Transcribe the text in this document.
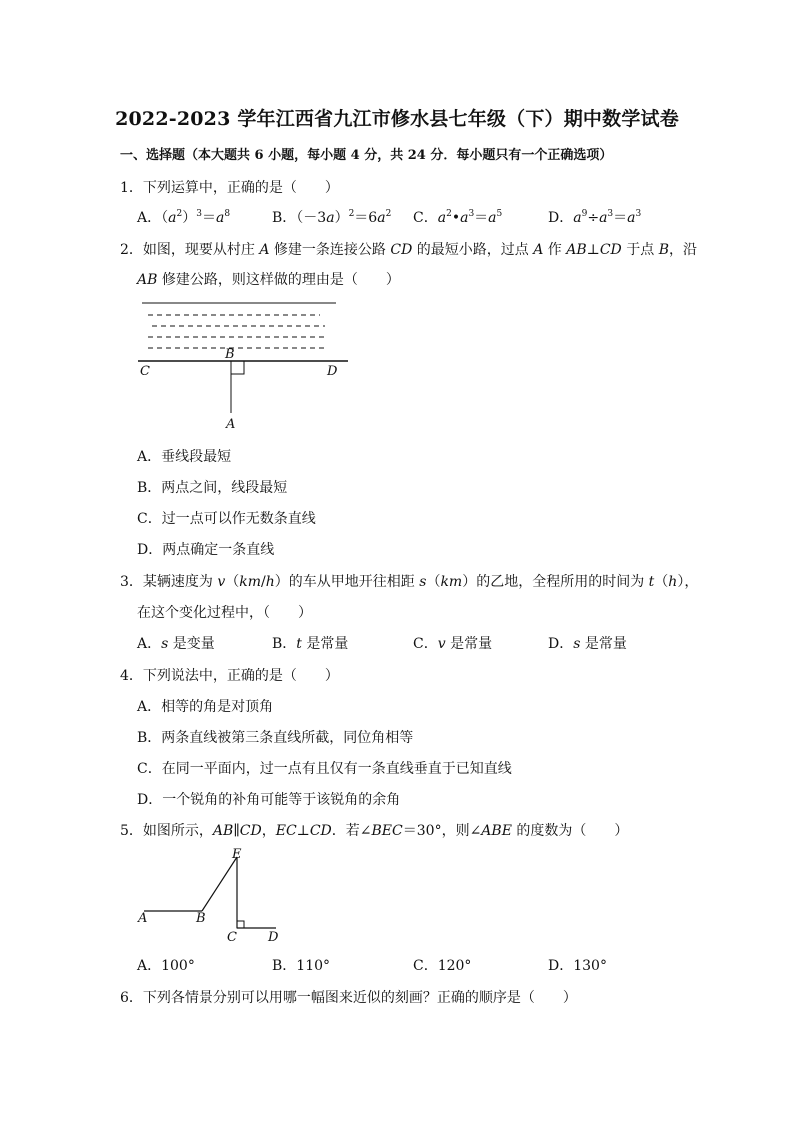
2022-2023 学年江西省九江市修水县七年级（下）期中数学试卷
一、选择题（本大题共 6 小题，每小题 4 分，共 24 分．每小题只有一个正确选项）
1．下列运算中，正确的是（　　）
A．$(a^2)^3=a^8$	B．$(-3a)^2=6a^2$ C．$a^2•a^3=a^5$	D．$a^9\div a^3=a^3$
2．如图，现要从村庄 A 修建一条连接公路 CD 的最短小路，过点 A 作 AB⊥CD 于点 B，沿
AB 修建公路，则这样做的理由是（　　）
B
C	D
A
A．垂线段最短
B．两点之间，线段最短
C．过一点可以作无数条直线
D．两点确定一条直线
3．某辆速度为 v（km/h）的车从甲地开往相距 s（km）的乙地，全程所用的时间为 t（h），
在这个变化过程中，（　　）
A．s 是变量	B．t 是常量	C．v 是常量	D．s 是常量
4．下列说法中，正确的是（　　）
A．相等的角是对顶角
B．两条直线被第三条直线所截，同位角相等
C．在同一平面内，过一点有且仅有一条直线垂直于已知直线
D．一个锐角的补角可能等于该锐角的余角
5．如图所示，AB∥CD，EC⊥CD．若∠BEC＝30°，则∠ABE 的度数为（　　）
E
A	B
C D
A．100°	B．110°	C．120°	D．130°
6．下列各情景分别可以用哪一幅图来近似的刻画？正确的顺序是（　　）
